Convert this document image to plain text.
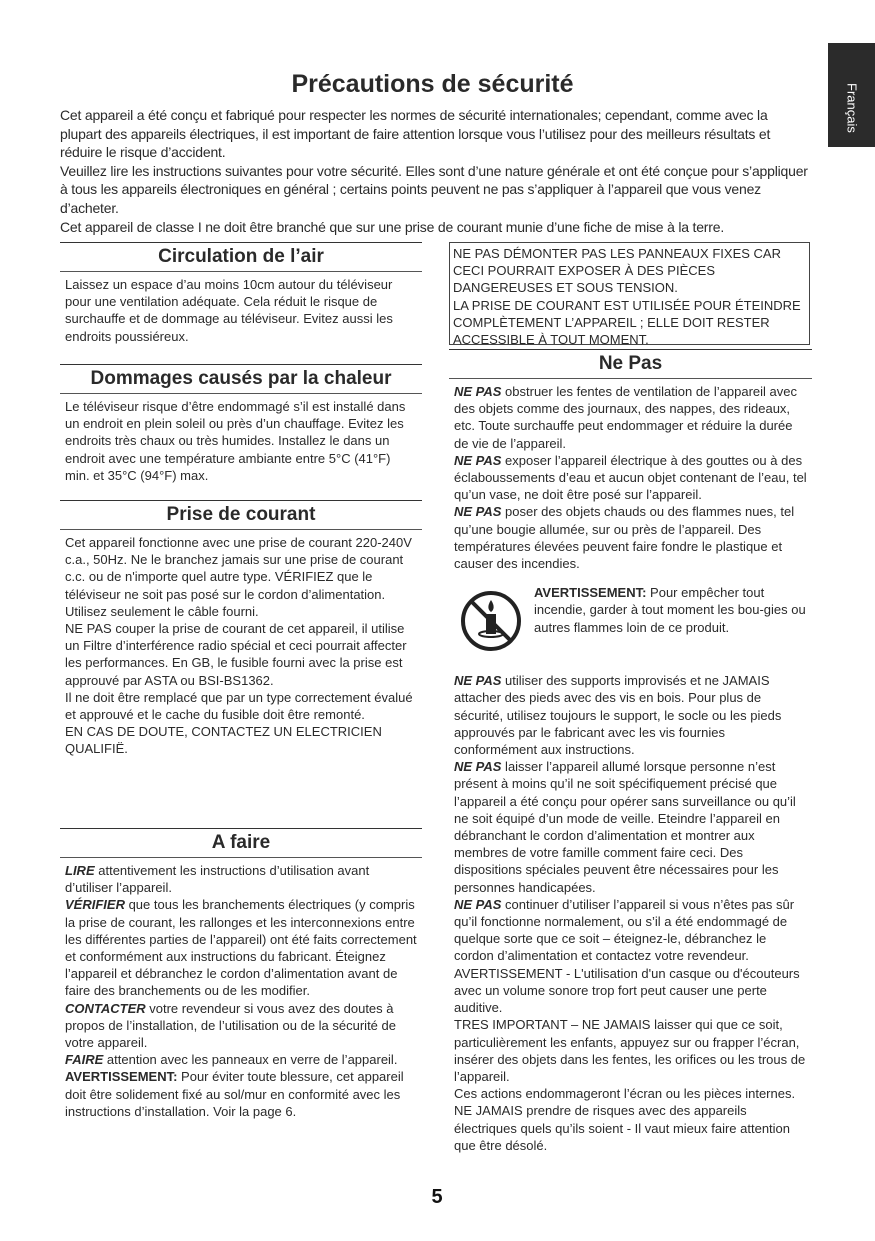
Français
Précautions de sécurité

Cet appareil a été conçu et fabriqué pour respecter les normes de sécurité internationales; cependant, comme avec la plupart des appareils électriques, il est important de faire attention lorsque vous l’utilisez pour des meilleurs résultats et réduire le risque d’accident.

Veuillez lire les instructions suivantes pour votre sécurité. Elles sont d’une nature générale et ont été conçue pour s’appliquer à tous les appareils électroniques en général ; certains points peuvent ne pas s’appliquer à l’appareil que vous venez d’acheter.

Cet appareil de classe I ne doit être branché que sur une prise de courant munie d’une fiche de mise à la terre.

Circulation de l’air

Laissez un espace d’au moins 10cm autour du téléviseur pour une ventilation adéquate. Cela réduit le risque de surchauffe et de dommage au téléviseur. Evitez aussi les endroits poussiéreux.

Dommages causés par la chaleur

Le téléviseur risque d’être endommagé s’il est installé dans un endroit en plein soleil ou près d’un chauffage. Evitez les endroits très chaux ou très humides. Installez le dans un endroit avec une température ambiante entre 5°C (41°F) min. et 35°C (94°F) max.

Prise de courant

Cet appareil fonctionne avec une prise de courant 220-240V c.a., 50Hz. Ne le branchez jamais sur une prise de courant c.c. ou de n'importe quel autre type. VÉRIFIEZ que le téléviseur ne soit pas posé sur le cordon d’alimentation. Utilisez seulement le câble fourni.

NE PAS couper la prise de courant de cet appareil, il utilise un Filtre d’interférence radio spécial et ceci pourrait affecter les performances. En GB, le fusible fourni avec la prise est approuvé par ASTA ou BSI-BS1362.

Il ne doit être remplacé que par un type correctement évalué et approuvé et le cache du fusible doit être remonté.

EN CAS DE DOUTE, CONTACTEZ UN ELECTRICIEN QUALIFIË.

A faire

LIRE attentivement les instructions d’utilisation avant d’utiliser l’appareil.

VÉRIFIER que tous les branchements électriques (y compris la prise de courant, les rallonges et les interconnexions entre les différentes parties de l’appareil) ont été faits correctement et conformément aux instructions du fabricant. Éteignez l’appareil et débranchez le cordon d’alimentation avant de faire des branchements ou de les modifier.

CONTACTER votre revendeur si vous avez des doutes à propos de l’installation, de l’utilisation ou de la sécurité de votre appareil.

FAIRE attention avec les panneaux en verre de l’appareil.

AVERTISSEMENT: Pour éviter toute blessure, cet appareil doit être solidement fixé au sol/mur en conformité avec les instructions d’installation. Voir la page 6.

NE PAS DÉMONTER PAS LES PANNEAUX FIXES CAR CECI POURRAIT EXPOSER À DES PIÈCES DANGEREUSES ET SOUS TENSION.

LA PRISE DE COURANT EST UTILISÉE POUR ÉTEINDRE COMPLÈTEMENT L’APPAREIL ; ELLE DOIT RESTER ACCESSIBLE À TOUT MOMENT.

Ne Pas

NE PAS obstruer les fentes de ventilation de l’appareil avec des objets comme des journaux, des nappes, des rideaux, etc. Toute surchauffe peut endommager et réduire la durée de vie de l’appareil.

NE PAS exposer l’appareil électrique à des gouttes ou à des éclaboussements d’eau et aucun objet contenant de l’eau, tel qu’un vase, ne doit être posé sur l’appareil.

NE PAS poser des objets chauds ou des flammes nues, tel qu’une bougie allumée, sur ou près de l’appareil. Des températures élevées peuvent faire fondre le plastique et causer des incendies.

AVERTISSEMENT: Pour empêcher tout incendie, garder à tout moment les bou-gies ou autres flammes loin de ce produit.

NE PAS utiliser des supports improvisés et ne JAMAIS attacher des pieds avec des vis en bois. Pour plus de sécurité, utilisez toujours le support, le socle ou les pieds approuvés par le fabricant avec les vis fournies conformément aux instructions.

NE PAS laisser l’appareil allumé lorsque personne n’est présent à moins qu’il ne soit spécifiquement précisé que l’appareil a été conçu pour opérer sans surveillance ou qu’il ne soit équipé d’un mode de veille. Eteindre l’appareil en débranchant le cordon d’alimentation et montrer aux membres de votre famille comment faire ceci. Des dispositions spéciales peuvent être nécessaires pour les personnes handicapées.

NE PAS continuer d’utiliser l’appareil si vous n’êtes pas sûr qu’il fonctionne normalement, ou s’il a été endommagé de quelque sorte que ce soit – éteignez-le, débranchez le cordon d’alimentation et contactez votre revendeur.

AVERTISSEMENT - L'utilisation d'un casque ou d'écouteurs avec un volume sonore trop fort peut causer une perte auditive.

TRES IMPORTANT – NE JAMAIS laisser qui que ce soit, particulièrement les enfants, appuyez sur ou frapper l’écran, insérer des objets dans les fentes, les orifices ou les trous de l’appareil.

Ces actions endommageront l’écran ou les pièces internes.

NE JAMAIS prendre de risques avec des appareils électriques quels qu’ils soient - Il vaut mieux faire attention que être désolé.

5
